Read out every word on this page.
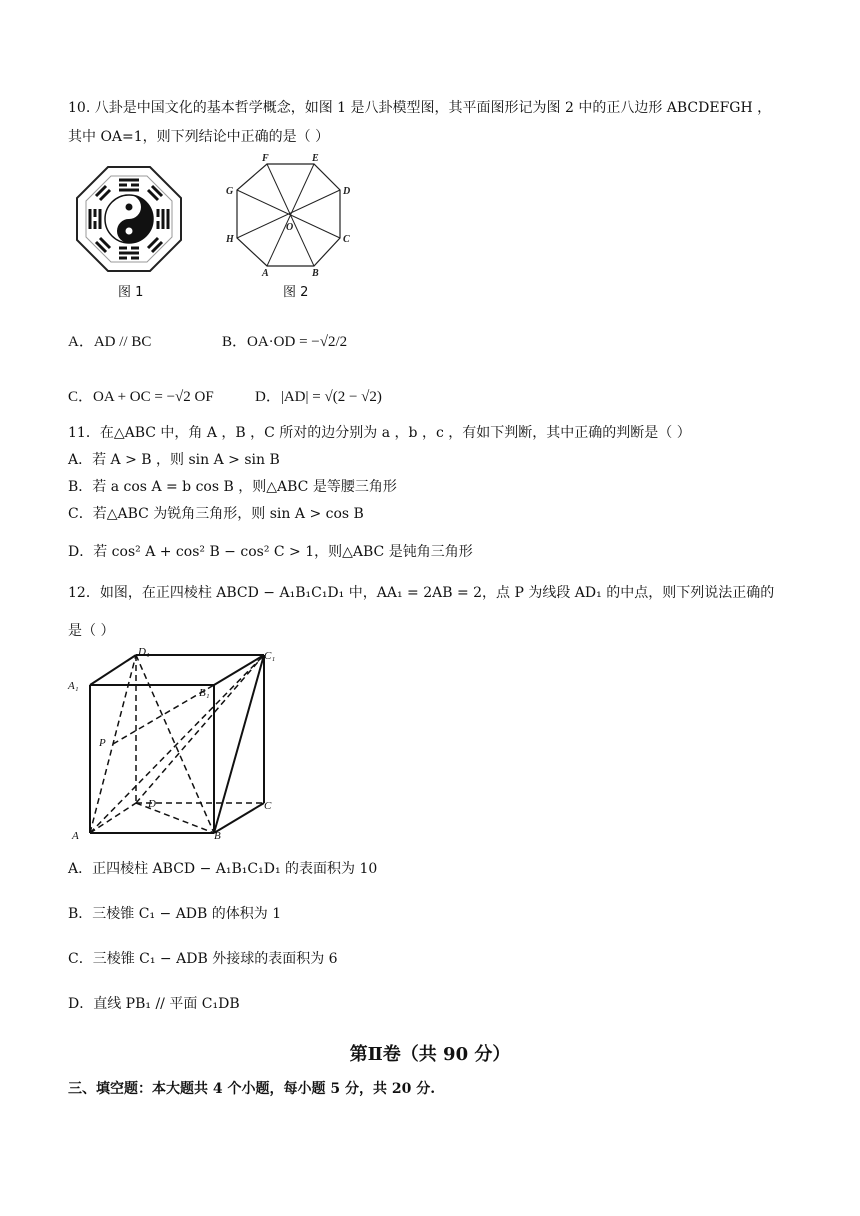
10. 八卦是中国文化的基本哲学概念，如图 1 是八卦模型图，其平面图形记为图 2 中的正八边形 ABCDEFGH ，
其中 OA=1，则下列结论中正确的是（ ）
图 1
F	E
D
C
B
A
H
G
O
图 2
A．AD // BC	B．OA·OD = −√2/2
C．OA + OC = −√2 OF	D．|AD| = √(2 − √2)
11．在△ABC 中，角 A ，B ，C 所对的边分别为 a ，b ，c ，有如下判断，其中正确的判断是（ ）
A．若 A > B ，则 sin A > sin B
B．若 a cos A = b cos B ，则△ABC 是等腰三角形
C．若△ABC 为锐角三角形，则 sin A > cos B
D．若 cos² A + cos² B − cos² C > 1，则△ABC 是钝角三角形
12．如图，在正四棱柱 ABCD − A₁B₁C₁D₁ 中，AA₁ = 2AB = 2，点 P 为线段 AD₁ 的中点，则下列说法正确的
是（ ）
D₁	C₁
A₁
B₁
P
D	C
A	B
A．正四棱柱 ABCD − A₁B₁C₁D₁ 的表面积为 10
B．三棱锥 C₁ − ADB 的体积为 1
C．三棱锥 C₁ − ADB 外接球的表面积为 6
D．直线 PB₁ // 平面 C₁DB
第Ⅱ卷（共 90 分）
三、填空题：本大题共 4 个小题，每小题 5 分，共 20 分.
